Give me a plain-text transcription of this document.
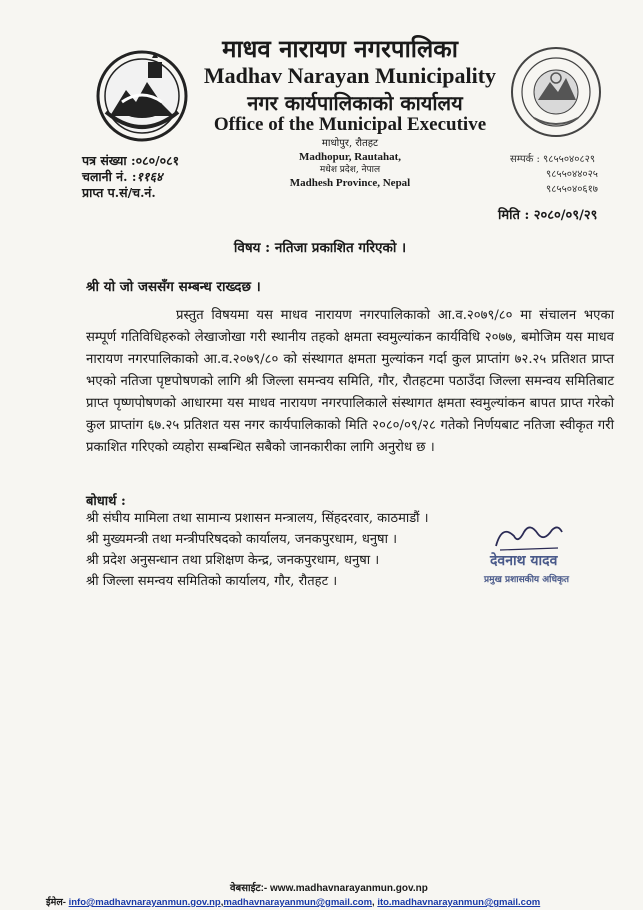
माधव नारायण नगरपालिका
Madhav Narayan Municipality
नगर कार्यपालिकाको कार्यालय
Office of the Municipal Executive
माधोपुर, रौतहट
Madhopur, Rautahat,
मधेश प्रदेश, नेपाल
Madhesh Province, Nepal
पत्र संख्या :०८०/०८१
चलानी नं. :११६४
प्राप्त प.सं/च.नं.
सम्पर्क : ९८५५०४०८२९
९८५५०४४०२५
९८५५०४०६१७
मिति : २०८०/०९/२९
विषय : नतिजा प्रकाशित गरिएको ।
श्री यो जो जससँग सम्बन्ध राख्दछ ।
प्रस्तुत विषयमा यस माधव नारायण नगरपालिकाको आ.व.२०७९/८० मा संचालन भएका सम्पूर्ण गतिविधिहरुको लेखाजोखा गरी स्थानीय तहको क्षमता स्वमुल्यांकन कार्यविधि २०७७, बमोजिम यस माधव नारायण नगरपालिकाको आ.व.२०७९/८० को संस्थागत क्षमता मुल्यांकन गर्दा कुल प्राप्तांग ७२.२५ प्रतिशत प्राप्त भएको नतिजा पृष्टपोषणको लागि श्री जिल्ला समन्वय समिति, गौर, रौतहटमा पठाउँदा जिल्ला समन्वय समितिबाट प्राप्त पृष्णपोषणको आधारमा यस माधव नारायण नगरपालिकाले संस्थागत क्षमता स्वमुल्यांकन बापत प्राप्त गरेको कुल प्राप्तांग ६७.२५ प्रतिशत यस नगर कार्यपालिकाको मिति २०८०/०९/२८ गतेको निर्णयबाट नतिजा स्वीकृत गरी प्रकाशित गरिएको व्यहोरा सम्बन्धित सबैको जानकारीका लागि अनुरोध छ ।
बोधार्थ :
श्री संघीय मामिला तथा सामान्य प्रशासन मन्त्रालय, सिंहदरवार, काठमाडौं ।
श्री मुख्यमन्त्री तथा मन्त्रीपरिषदको कार्यालय, जनकपुरधाम, धनुषा ।
श्री प्रदेश अनुसन्धान तथा प्रशिक्षण केन्द्र, जनकपुरधाम, धनुषा ।
श्री जिल्ला समन्वय समितिको कार्यालय, गौर, रौतहट ।
देवनाथ यादव
प्रमुख प्रशासकीय अधिकृत
वेबसाईट:- www.madhavnarayanmun.gov.np
ईमेल- info@madhavnarayanmun.gov.np,madhavnarayanmun@gmail.com, ito.madhavnarayanmun@gmail.com
